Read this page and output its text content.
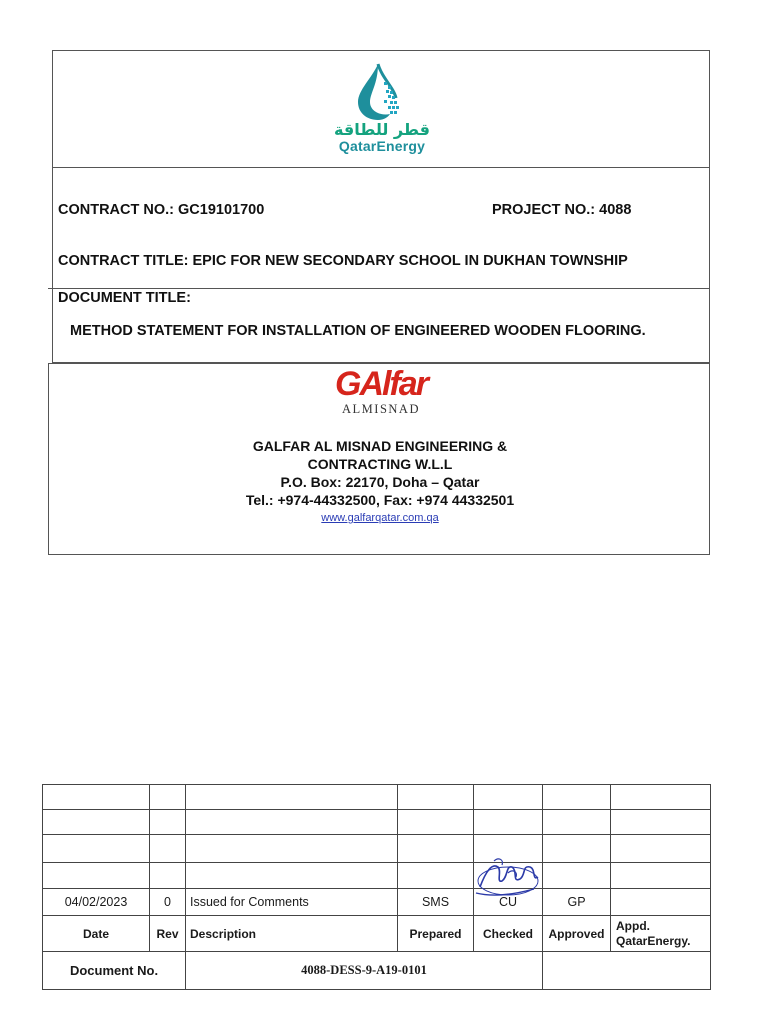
قطر للطاقة
QatarEnergy
CONTRACT NO.: GC19101700	PROJECT NO.: 4088
CONTRACT TITLE: EPIC FOR NEW SECONDARY SCHOOL IN DUKHAN TOWNSHIP
DOCUMENT TITLE:
METHOD STATEMENT FOR INSTALLATION OF ENGINEERED WOODEN FLOORING.
GAlfar
ALMISNAD
GALFAR AL MISNAD ENGINEERING &
CONTRACTING W.L.L
P.O. Box: 22170, Doha – Qatar
Tel.: +974-44332500, Fax: +974 44332501
www.galfarqatar.com.qa

04/02/2023	0	Issued for Comments	SMS	CU	GP	
Date	Rev	Description	Prepared	Checked	Approved	Appd.
QatarEnergy.

Document No.		4088-DESS-9-A19-0101				
